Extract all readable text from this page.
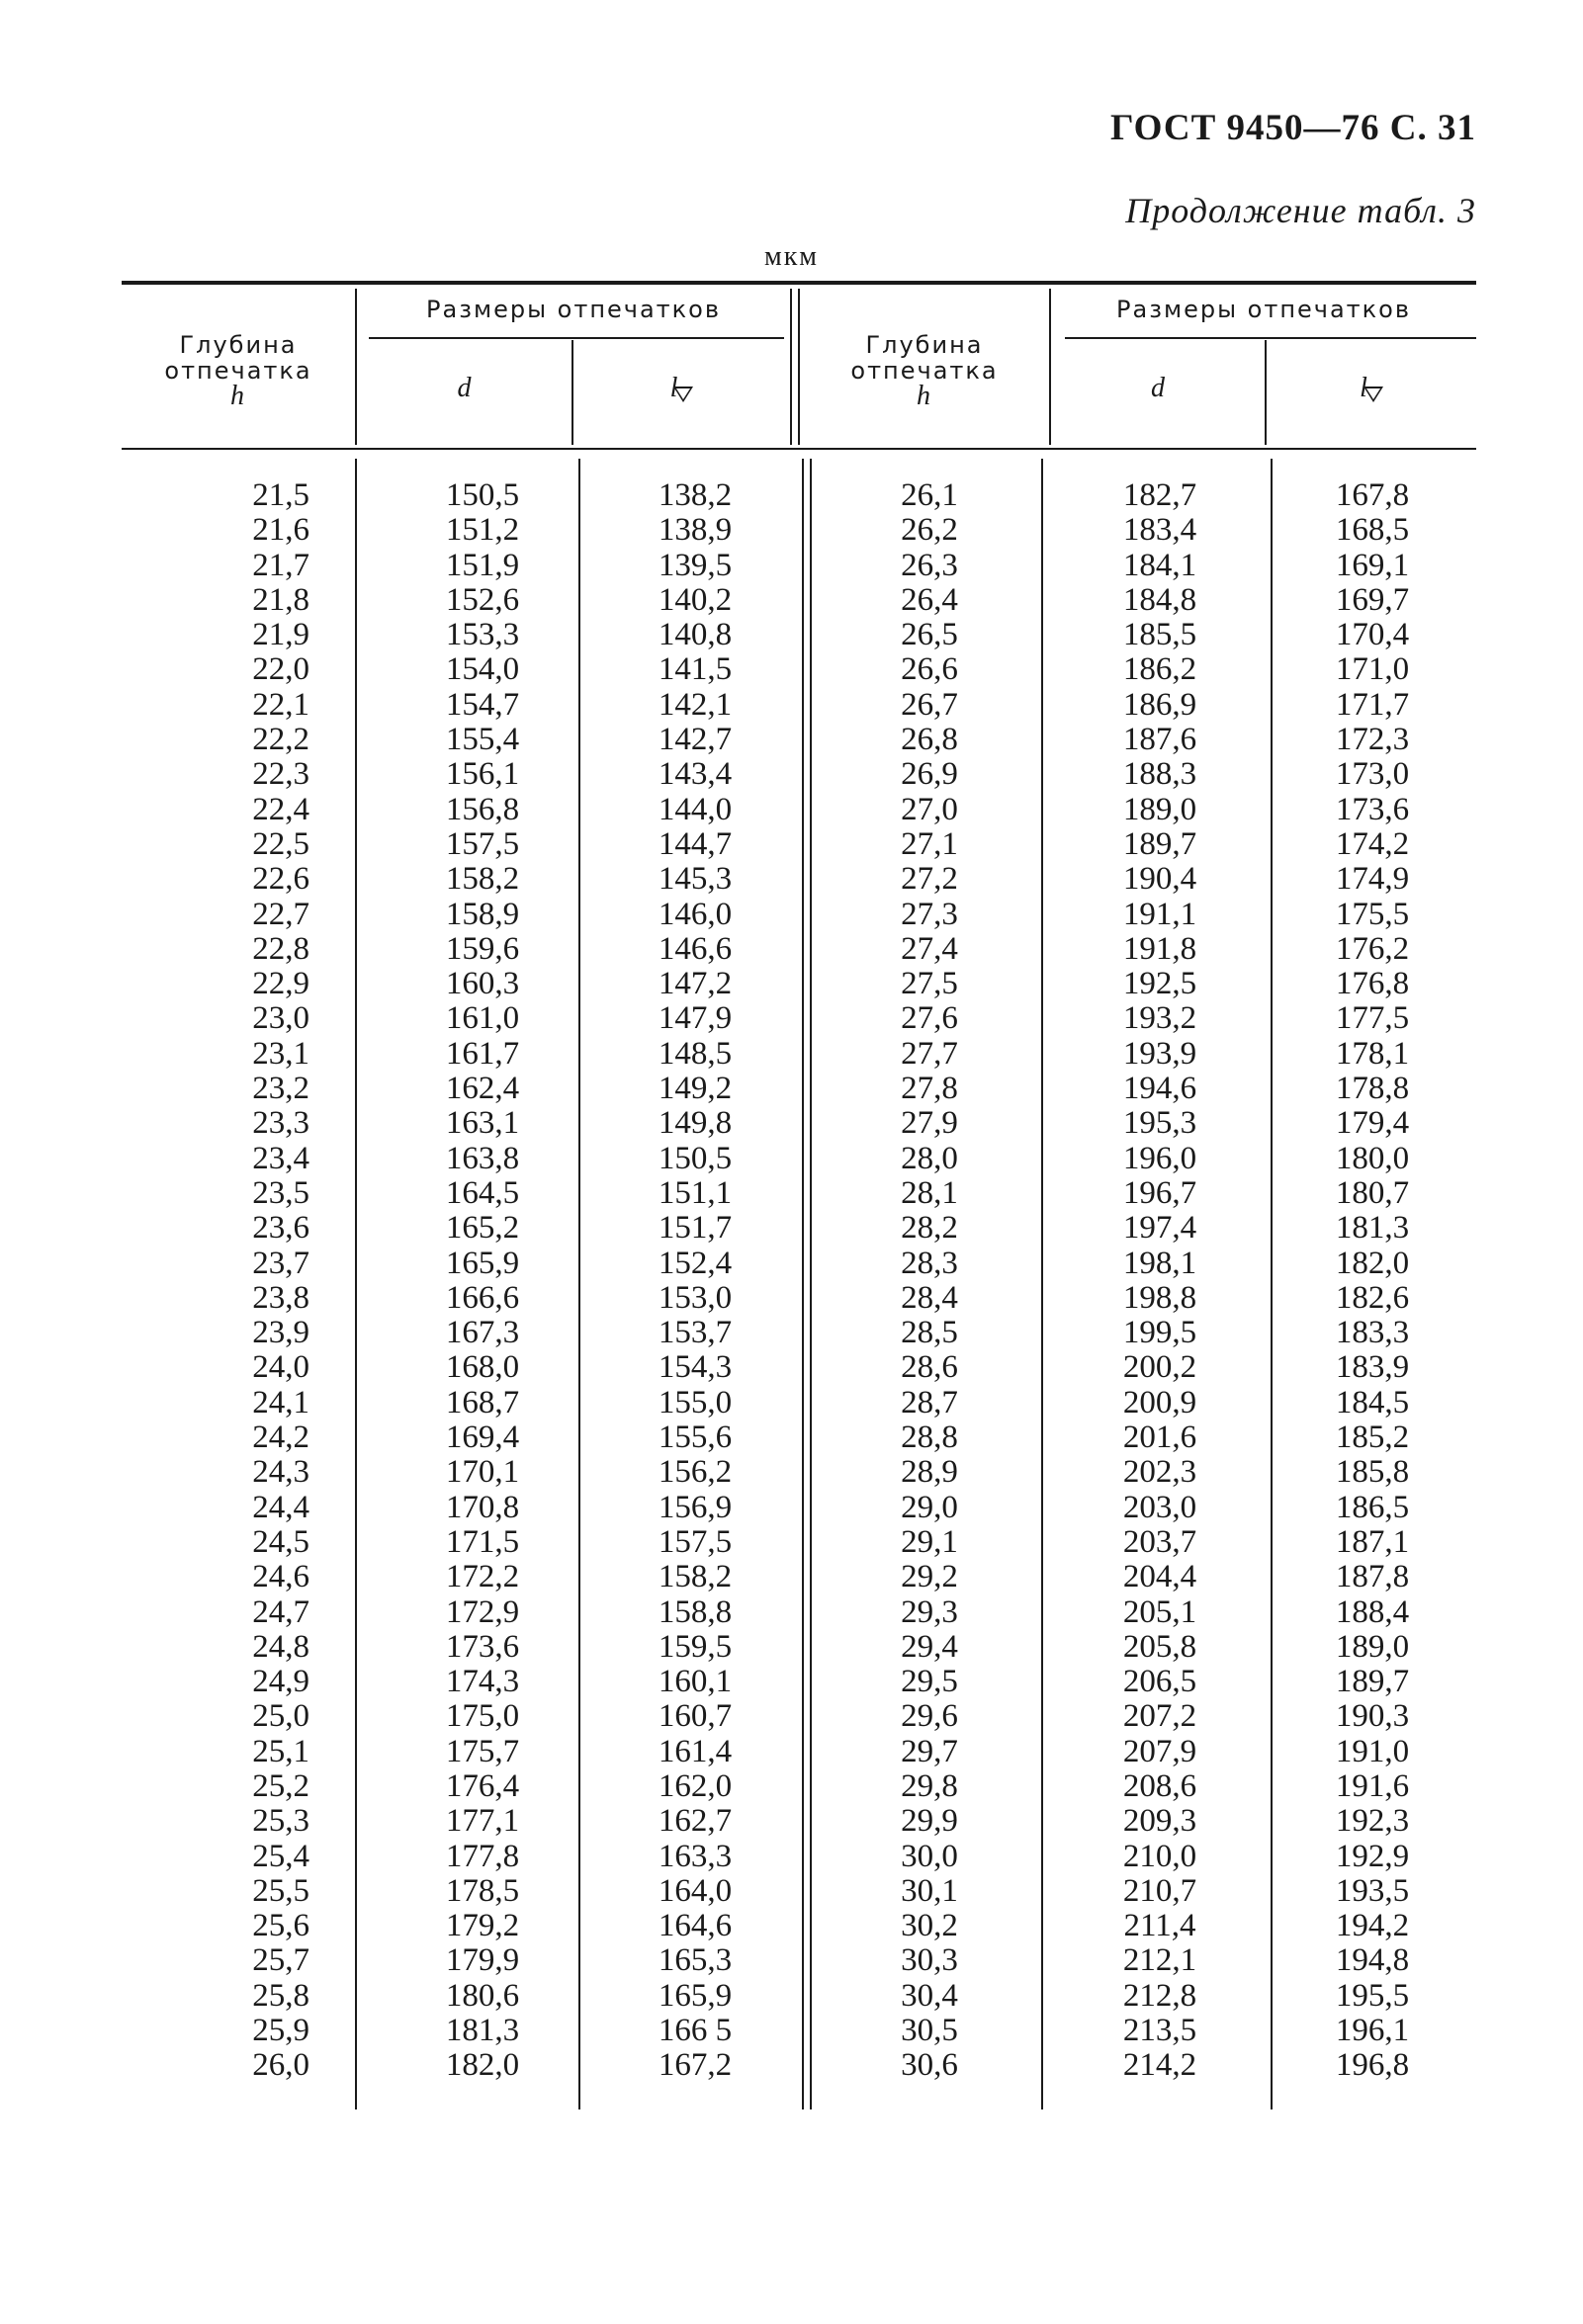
ГОСТ 9450—76 С. 31
Продолжение табл. 3
мкм
Глубина
отпечатка
h
Размеры отпечатков
d	l
Глубина
отпечатка
h
Размеры отпечатков
d	l
21,5
21,6
21,7
21,8
21,9
22,0
22,1
22,2
22,3
22,4
22,5
22,6
22,7
22,8
22,9
23,0
23,1
23,2
23,3
23,4
23,5
23,6
23,7
23,8
23,9
24,0
24,1
24,2
24,3
24,4
24,5
24,6
24,7
24,8
24,9
25,0
25,1
25,2
25,3
25,4
25,5
25,6
25,7
25,8
25,9
26,0
150,5
151,2
151,9
152,6
153,3
154,0
154,7
155,4
156,1
156,8
157,5
158,2
158,9
159,6
160,3
161,0
161,7
162,4
163,1
163,8
164,5
165,2
165,9
166,6
167,3
168,0
168,7
169,4
170,1
170,8
171,5
172,2
172,9
173,6
174,3
175,0
175,7
176,4
177,1
177,8
178,5
179,2
179,9
180,6
181,3
182,0
138,2
138,9
139,5
140,2
140,8
141,5
142,1
142,7
143,4
144,0
144,7
145,3
146,0
146,6
147,2
147,9
148,5
149,2
149,8
150,5
151,1
151,7
152,4
153,0
153,7
154,3
155,0
155,6
156,2
156,9
157,5
158,2
158,8
159,5
160,1
160,7
161,4
162,0
162,7
163,3
164,0
164,6
165,3
165,9
166 5
167,2
26,1
26,2
26,3
26,4
26,5
26,6
26,7
26,8
26,9
27,0
27,1
27,2
27,3
27,4
27,5
27,6
27,7
27,8
27,9
28,0
28,1
28,2
28,3
28,4
28,5
28,6
28,7
28,8
28,9
29,0
29,1
29,2
29,3
29,4
29,5
29,6
29,7
29,8
29,9
30,0
30,1
30,2
30,3
30,4
30,5
30,6
182,7
183,4
184,1
184,8
185,5
186,2
186,9
187,6
188,3
189,0
189,7
190,4
191,1
191,8
192,5
193,2
193,9
194,6
195,3
196,0
196,7
197,4
198,1
198,8
199,5
200,2
200,9
201,6
202,3
203,0
203,7
204,4
205,1
205,8
206,5
207,2
207,9
208,6
209,3
210,0
210,7
211,4
212,1
212,8
213,5
214,2
167,8
168,5
169,1
169,7
170,4
171,0
171,7
172,3
173,0
173,6
174,2
174,9
175,5
176,2
176,8
177,5
178,1
178,8
179,4
180,0
180,7
181,3
182,0
182,6
183,3
183,9
184,5
185,2
185,8
186,5
187,1
187,8
188,4
189,0
189,7
190,3
191,0
191,6
192,3
192,9
193,5
194,2
194,8
195,5
196,1
196,8
